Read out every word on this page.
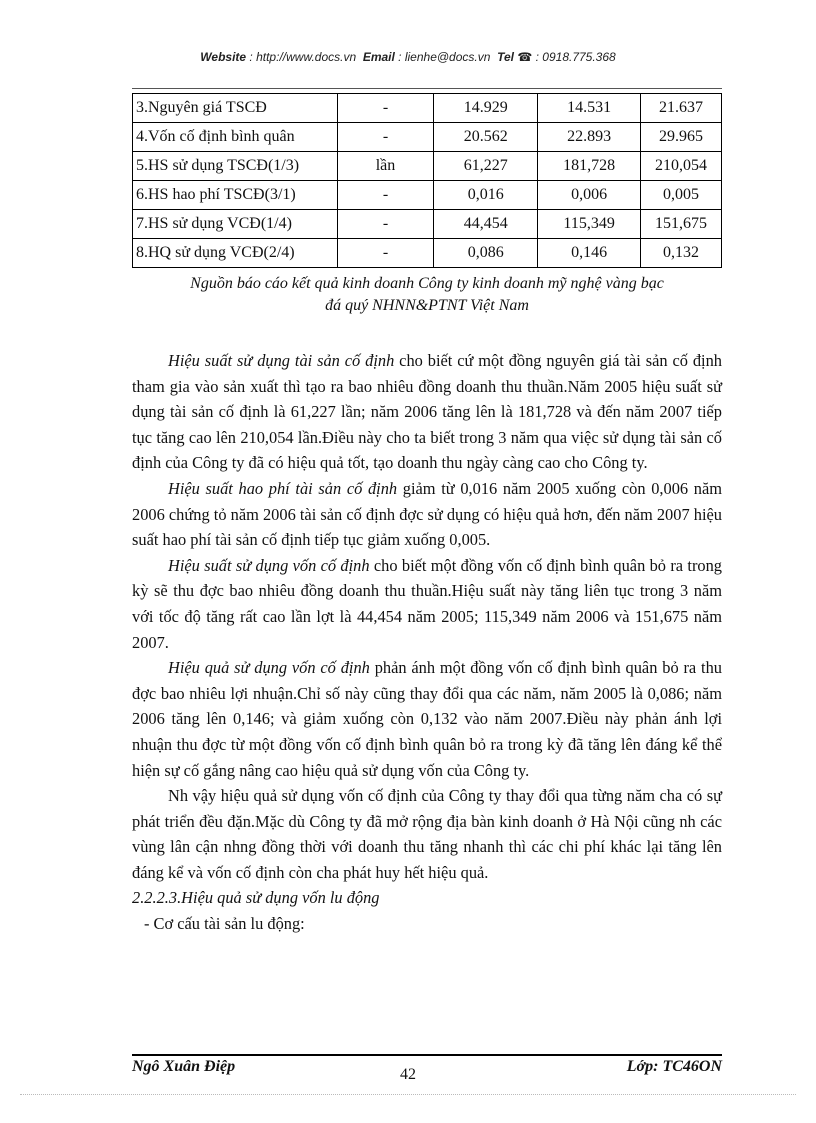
Website : http://www.docs.vn Email : lienhe@docs.vn Tel ☎ : 0918.775.368
3.Nguyên giá TSCĐ	-	14.929	14.531	21.637
4.Vốn cố định bình quân	-	20.562	22.893	29.965
5.HS sử dụng TSCĐ(1/3)	lần	61,227	181,728	210,054
6.HS hao phí TSCĐ(3/1)	-	0,016	0,006	0,005
7.HS sử dụng VCĐ(1/4)	-	44,454	115,349	151,675
8.HQ sử dụng VCĐ(2/4)	-	0,086	0,146	0,132
Nguồn báo cáo kết quả kinh doanh Công ty kinh doanh mỹ nghệ vàng bạc
đá quý NHNN&PTNT Việt Nam

Hiệu suất sử dụng tài sản cố định cho biết cứ một đồng nguyên giá tài sản cố định tham gia vào sản xuất thì tạo ra bao nhiêu đồng doanh thu thuần.Năm 2005 hiệu suất sử dụng tài sản cố định là 61,227 lần; năm 2006 tăng lên là 181,728 và đến năm 2007 tiếp tục tăng cao lên 210,054 lần.Điều này cho ta biết trong 3 năm qua việc sử dụng tài sản cố định của Công ty đã có hiệu quả tốt, tạo doanh thu ngày càng cao cho Công ty.

Hiệu suất hao phí tài sản cố định giảm từ 0,016 năm 2005 xuống còn 0,006 năm 2006 chứng tỏ năm 2006 tài sản cố định đợc sử dụng có hiệu quả hơn, đến năm 2007 hiệu suất hao phí tài sản cố định tiếp tục giảm xuống 0,005.

Hiệu suất sử dụng vốn cố định cho biết một đồng vốn cố định bình quân bỏ ra trong kỳ sẽ thu đợc bao nhiêu đồng doanh thu thuần.Hiệu suất này tăng liên tục trong 3 năm với tốc độ tăng rất cao lần lợt là 44,454 năm 2005; 115,349 năm 2006 và 151,675 năm 2007.

Hiệu quả sử dụng vốn cố định phản ánh một đồng vốn cố định bình quân bỏ ra thu đợc bao nhiêu lợi nhuận.Chỉ số này cũng thay đổi qua các năm, năm 2005 là 0,086; năm 2006 tăng lên 0,146; và giảm xuống còn 0,132 vào năm 2007.Điều này phản ánh lợi nhuận thu đợc từ một đồng vốn cố định bình quân bỏ ra trong kỳ đã tăng lên đáng kể thể hiện sự cố gắng nâng cao hiệu quả sử dụng vốn của Công ty.

Nh vậy hiệu quả sử dụng vốn cố định của Công ty thay đổi qua từng năm cha có sự phát triển đều đặn.Mặc dù Công ty đã mở rộng địa bàn kinh doanh ở Hà Nội cũng nh các vùng lân cận nhng đồng thời với doanh thu tăng nhanh thì các chi phí khác lại tăng lên đáng kể và vốn cố định còn cha phát huy hết hiệu quả.

2.2.2.3.Hiệu quả sử dụng vốn lu động
- Cơ cấu tài sản lu động:
Ngô Xuân Điệp	42	Lớp: TC46ON
